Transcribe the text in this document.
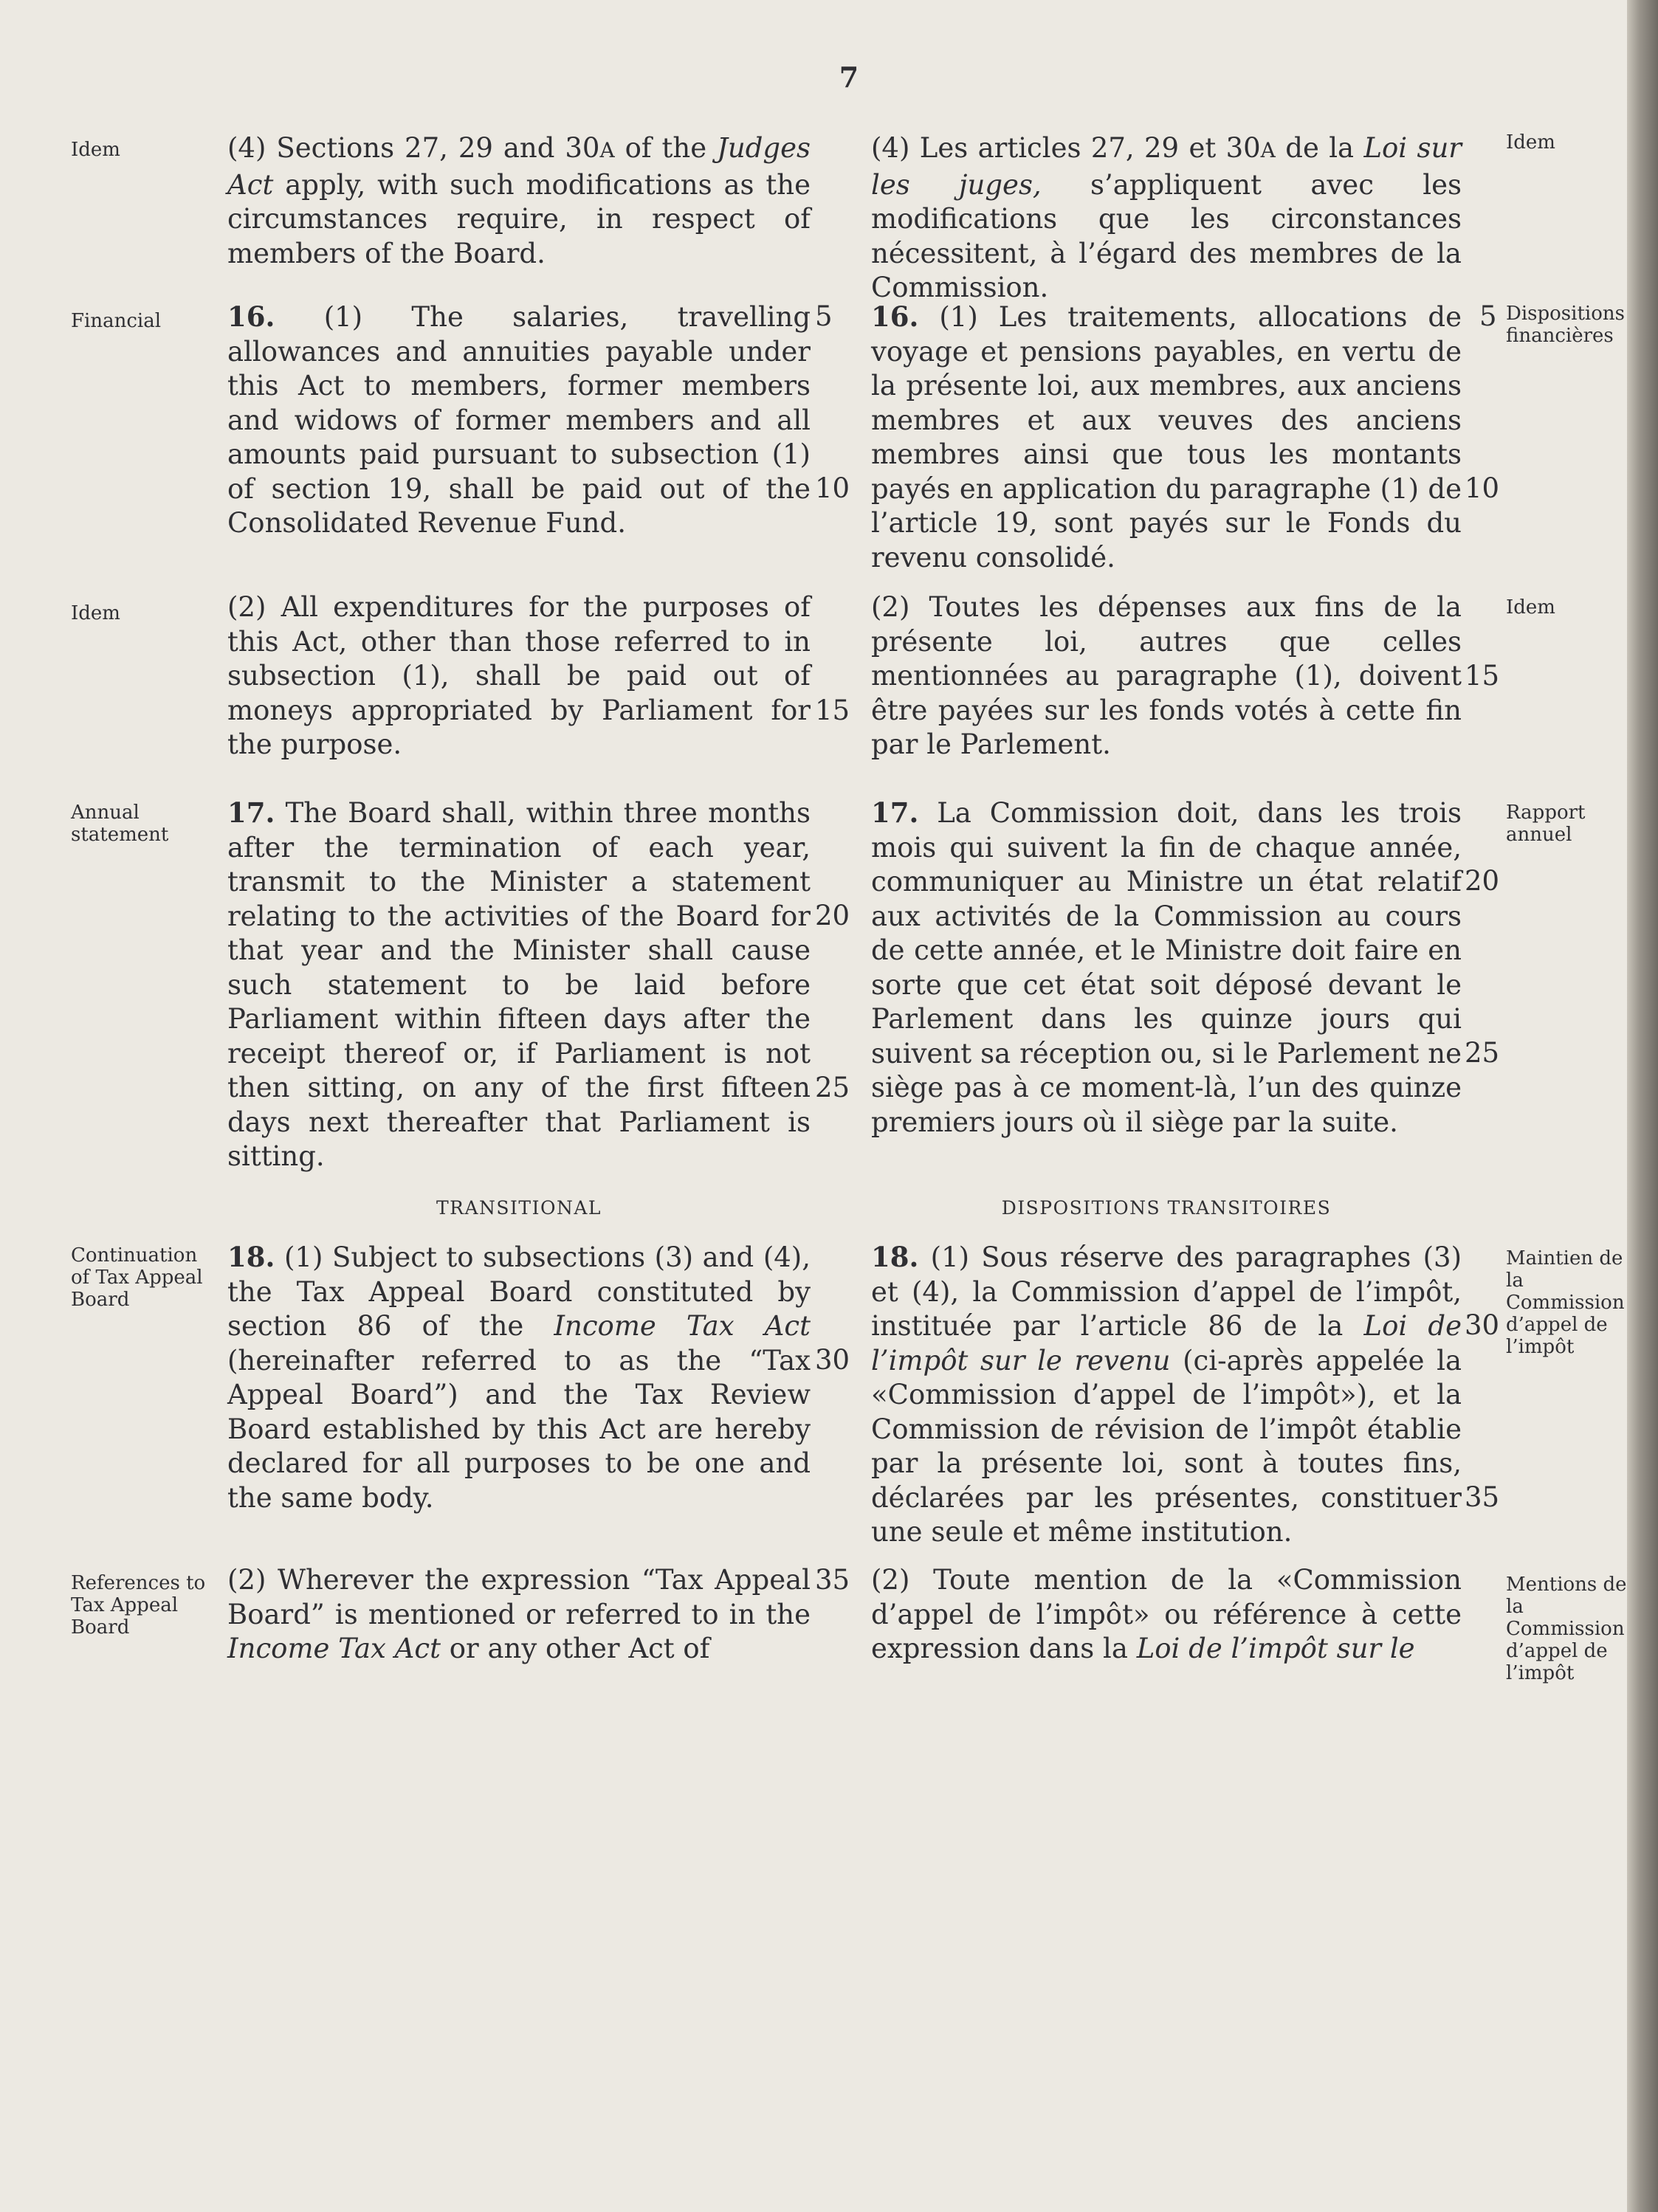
7
Idem	(4) Sections 27, 29 and 30A of the Judges Act apply, with such modifications as the circumstances require, in respect of members of the Board.

(4) Les articles 27, 29 et 30A de la Loi sur les juges, s’appliquent avec les modifications que les circonstances nécessitent, à l’égard des membres de la Commission.

Idem
Financial	16. (1) The salaries, travelling allowances and annuities payable under this Act to members, former members and widows of former members and all amounts paid pursuant to subsection (1) of section 19, shall be paid out of the Consolidated Revenue Fund.

16. (1) Les traitements, allocations de voyage et pensions payables, en vertu de la présente loi, aux membres, aux anciens membres et aux veuves des anciens membres ainsi que tous les montants payés en application du paragraphe (1) de l’article 19, sont payés sur le Fonds du revenu consolidé.

Dispositions financières
Idem	(2) All expenditures for the purposes of this Act, other than those referred to in subsection (1), shall be paid out of moneys appropriated by Parliament for the purpose.

(2) Toutes les dépenses aux fins de la présente loi, autres que celles mentionnées au paragraphe (1), doivent être payées sur les fonds votés à cette fin par le Parlement.

Idem
Annual statement

17. The Board shall, within three months after the termination of each year, transmit to the Minister a statement relating to the activities of the Board for that year and the Minister shall cause such statement to be laid before Parliament within fifteen days after the receipt thereof or, if Parliament is not then sitting, on any of the first fifteen days next thereafter that Parliament is sitting.

17. La Commission doit, dans les trois mois qui suivent la fin de chaque année, communiquer au Ministre un état relatif aux activités de la Commission au cours de cette année, et le Ministre doit faire en sorte que cet état soit déposé devant le Parlement dans les quinze jours qui suivent sa réception ou, si le Parlement ne siège pas à ce moment-là, l’un des quinze premiers jours où il siège par la suite.

Rapport annuel
TRANSITIONAL	DISPOSITIONS TRANSITOIRES
Continuation of Tax Appeal Board

18. (1) Subject to subsections (3) and (4), the Tax Appeal Board constituted by section 86 of the Income Tax Act (hereinafter referred to as the “Tax Appeal Board”) and the Tax Review Board established by this Act are hereby declared for all purposes to be one and the same body.

18. (1) Sous réserve des paragraphes (3) et (4), la Commission d’appel de l’impôt, instituée par l’article 86 de la Loi de l’impôt sur le revenu (ci-après appelée la «Commission d’appel de l’impôt»), et la Commission de révision de l’impôt établie par la présente loi, sont à toutes fins, déclarées par les présentes, constituer une seule et même institution.

Maintien de la Commission d’appel de l’impôt
References to Tax Appeal Board

(2) Wherever the expression “Tax Appeal Board” is mentioned or referred to in the Income Tax Act or any other Act of

(2) Toute mention de la «Commission d’appel de l’impôt» ou référence à cette expression dans la Loi de l’impôt sur le

Mentions de la Commission d’appel de l’impôt
5
10
15
20
25
30
35
5
10
15
20
25
30
35
